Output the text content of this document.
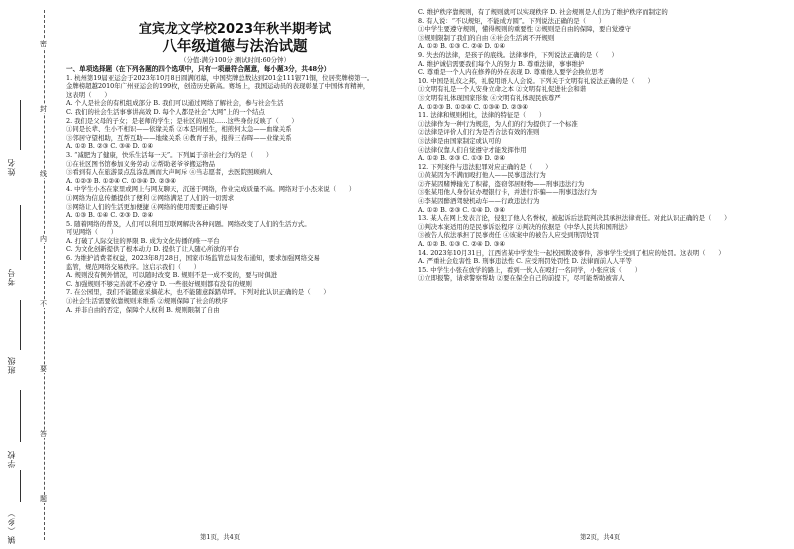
密
封
线
内
不
要
答
题
姓名
考号
班级
学校
镇（乡）
宜宾龙文学校2023年秋半期考试
八年级道德与法治试题
（分值:满分100分 测试时间:60分钟）
一、单项选择题（在下列各题的四个选项中，只有一项最符合题意，每小题3分，共48分）

1. 杭州第19届亚运会于2023年10月8日圆满闭幕，中国奖牌总数达到201金111银71铜，位居奖牌榜第一。

金牌榜超越2010年广州亚运会的199枚，创造历史新高。赛场上，我国运动员的表现彰显了中国体育精神，

这表明（　　）

A. 个人是社会的有机组成部分 B. 我们可以通过网络了解社会，参与社会生活

C. 我们的社会生活事事讲高效 D. 每个人都是社会“大网”上的一个结点

2. 我们是父母的子女；是老师的学生；是社区的居民……这些身份反映了（　　）

①同是长辈、生小不相识——依缘关系 ②本是同根生，相煎何太急——血缘关系

③邻居守望相助，互帮互助——地缘关系 ④教育子孙，报得三春晖——业缘关系

A. ①② B. ②③ C. ③④ D. ①④

3. “减肥为了健康，快乐生活每一天”。下列属于亲社会行为的是（　　）

①在社区图书馆参加义务劳动 ②帮助老爷爷搬运物品

③看到有人在旅游景点乱涂乱画而大声呵斥 ④当志愿者，去医院照顾病人

A. ①②③ B. ①②④ C. ①③④ D. ②③④

4. 中学生小杰在家里或网上与网友聊天，沉迷于网络，作业完成质量不高。网络对于小杰来说（　　）

①网络为信息传播提供了便利 ②网络满足了人们的一切需求

③网络让人们的生活更加便捷 ④网络的使用需要正确引导

A. ①③ B. ①④ C. ②③ D. ②④

5. 随着网络的普及，人们可以利用互联网解决各种问题。网络改变了人们的生活方式。

可见网络（　　）

A. 打破了人际交往的界限 B. 成为文化传播的唯一平台

C. 为文化创新提供了根本动力 D. 提供了让人随心所欲的平台

6. 为维护消费者权益，2023年8月28日，国家市场监管总局发布通知，要求加强网络交易

监管，规范网络交易秩序。这启示我们（　　）

A. 规则没有例外情况，可以随时改变 B. 规则不是一成不变的，要与时俱进

C. 加强规则不够完善就不必遵守 D. 一些很好规则都有没有的规则

7. 在公园里，我们不能随意采摘花木，也不能随意踩踏草坪。下列对此认识正确的是（　　）

①社会生活需要依靠规则来维系 ②规则保障了社会的秩序

A. 并非自由的否定，保障个人权利 B. 规则限制了自由

第1页，共4页

C. 维护秩序靠规则，有了规则就可以实现秩序 D. 社会规则是人们为了维护秩序而制定的

8. 有人说：“不以规矩，不能成方圆”。下列说法正确的是（　　）

①中学生要遵守规则，懂得规则的重要性 ②规则是自由的保障，要自觉遵守

③规则限制了我们的自由 ④社会生活离不开规则

A. ①② B. ①③ C. ②④ D. ①④

9. 失去的法律，是孩子的底线。法律事件，下列说法正确的是（　　）

A. 维护诚信需要我们每个人的努力 B. 尊重法律，事事维护

C. 尊重是一个人内在修养的外在表现 D. 尊重他人要学会换位思考

10. 中国是礼仪之邦，礼貌用语人人会说。下列关于文明有礼说法正确的是（　　）

①文明有礼是一个人安身立命之本 ②文明有礼促进社会和谐

③文明有礼体现国家形象 ④文明有礼体现民族尊严

A. ①②③ B. ①②④ C. ①③④ D. ②③④

11. 法律和规则相比，法律的特征是（　　）

①法律作为一种行为规范，为人们的行为提供了一个标准

②法律是评价人们行为是否合法有效的准则

③法律是由国家制定或认可的

④法律仅靠人们自觉遵守才能发挥作用

A. ①② B. ②③ C. ①③ D. ②④

12. 下列案件与违法犯罪对应正确的是（　　）

①黄某因为不满而殴打他人——民事违法行为

②齐某因赌博输光了积蓄，盗窃邻居财物——刑事违法行为

③张某用他人身份证办理银行卡，并进行诈骗——刑事违法行为

④李某因醉酒驾驶机动车——行政违法行为

A. ①② B. ②③ C. ①④ D. ③④

13. 某人在网上发表言论，侵犯了他人名誉权，被起诉后法院判决其承担法律责任。对此认识正确的是（　　）

①判决本案适用的是民事诉讼程序 ②判决的依据是《中华人民共和国刑法》

③被告人依法承担了民事责任 ④该案中的被告人应受到刑罚处罚

A. ①② B. ①③ C. ②④ D. ③④

14. 2023年10月31日，江西省某中学发生一起校园欺凌事件，涉事学生受到了相应的处罚。这表明（　　）

A. 严重社会危害性 B. 刑事违法性 C. 应受刑罚处罚性 D. 法律面前人人平等

15. 中学生小张在放学的路上，看到一伙人在殴打一名同学，小张应该（　　）

①立即报警，请求警察帮助 ②要在保全自己的前提下，尽可能帮助被害人

第2页，共4页
